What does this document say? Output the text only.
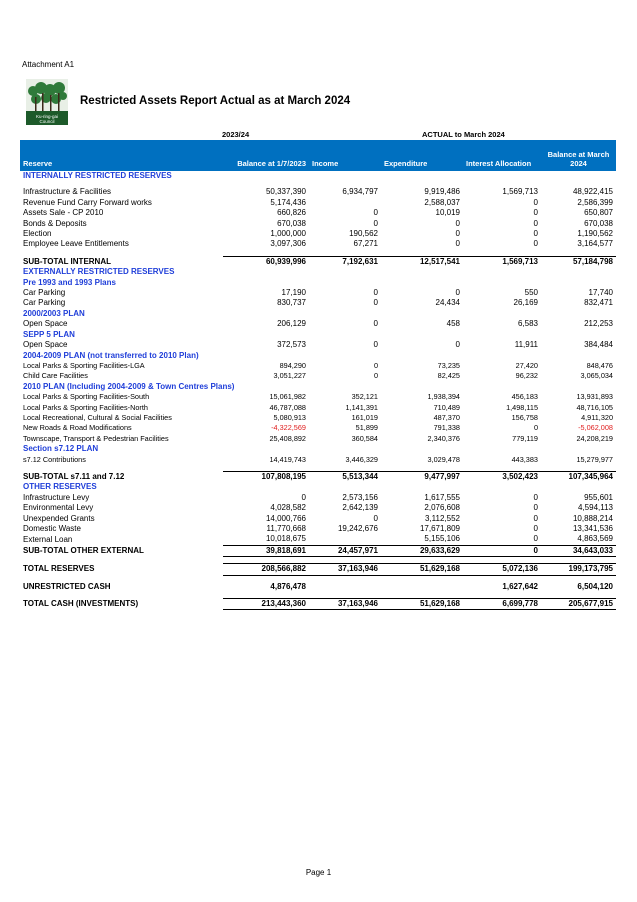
Attachment A1
Ku-ring-gai
Council
Restricted Assets Report Actual as at March 2024
2023/24	ACTUAL to March 2024
Reserve	Balance at 1/7/2023	Income	Expenditure	Interest Allocation	Balance at March 2024
INTERNALLY RESTRICTED RESERVES					

Infrastructure & Facilities	50,337,390	6,934,797	9,919,486	1,569,713	48,922,415
Revenue Fund Carry Forward works	5,174,436		2,588,037	0	2,586,399
Assets Sale - CP 2010	660,826	0	10,019	0	650,807
Bonds & Deposits	670,038	0	0	0	670,038
Election	1,000,000	190,562	0	0	1,190,562
Employee Leave Entitlements	3,097,306	67,271	0	0	3,164,577

SUB-TOTAL INTERNAL	60,939,996	7,192,631	12,517,541	1,569,713	57,184,798
EXTERNALLY RESTRICTED RESERVES					
Pre 1993 and 1993 Plans					
Car Parking	17,190	0	0	550	17,740
Car Parking	830,737	0	24,434	26,169	832,471
2000/2003 PLAN					
Open Space	206,129	0	458	6,583	212,253
SEPP 5 PLAN					
Open Space	372,573	0	0	11,911	384,484
2004-2009 PLAN (not transferred to 2010 Plan)					
Local Parks & Sporting Facilities-LGA	894,290	0	73,235	27,420	848,476
Child Care Facilities	3,051,227	0	82,425	96,232	3,065,034
2010 PLAN (Including 2004-2009 & Town Centres Plans)					
Local Parks & Sporting Facilities-South	15,061,982	352,121	1,938,394	456,183	13,931,893
Local Parks & Sporting Facilities-North	46,787,088	1,141,391	710,489	1,498,115	48,716,105
Local Recreational, Cultural & Social Facilities	5,080,913	161,019	487,370	156,758	4,911,320
New Roads & Road Modifications	-4,322,569	51,899	791,338	0	-5,062,008
Townscape, Transport & Pedestrian Facilities	25,408,892	360,584	2,340,376	779,119	24,208,219
Section s7.12 PLAN					
s7.12 Contributions	14,419,743	3,446,329	3,029,478	443,383	15,279,977

SUB-TOTAL s7.11 and 7.12	107,808,195	5,513,344	9,477,997	3,502,423	107,345,964
OTHER RESERVES					
Infrastructure Levy	0	2,573,156	1,617,555	0	955,601
Environmental Levy	4,028,582	2,642,139	2,076,608	0	4,594,113
Unexpended Grants	14,000,766	0	3,112,552	0	10,888,214
Domestic Waste	11,770,668	19,242,676	17,671,809	0	13,341,536
External Loan	10,018,675		5,155,106	0	4,863,569
SUB-TOTAL OTHER EXTERNAL	39,818,691	24,457,971	29,633,629	0	34,643,033

TOTAL RESERVES	208,566,882	37,163,946	51,629,168	5,072,136	199,173,795

UNRESTRICTED CASH	4,876,478			1,627,642	6,504,120

TOTAL CASH (INVESTMENTS)	213,443,360	37,163,946	51,629,168	6,699,778	205,677,915
Page 1
